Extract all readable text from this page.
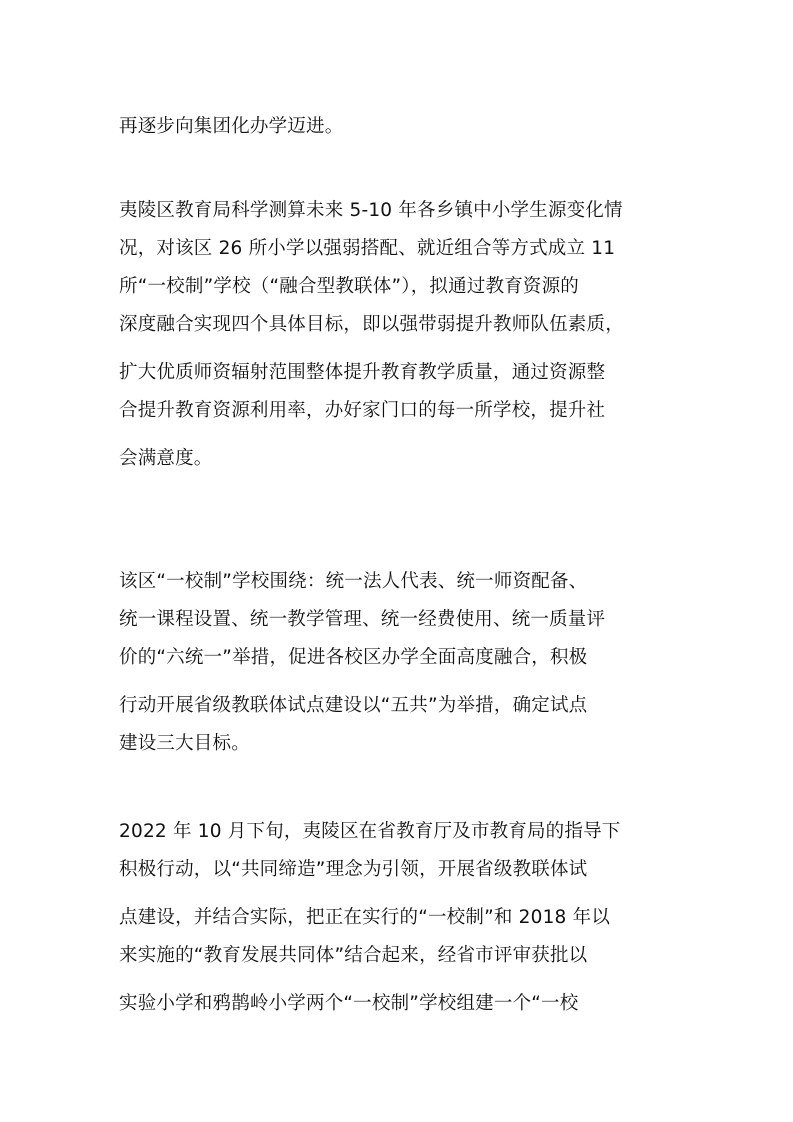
再逐步向集团化办学迈进。
夷陵区教育局科学测算未来 5-10 年各乡镇中小学生源变化情
况，对该区 26 所小学以强弱搭配、就近组合等方式成立 11
所“一校制”学校（“融合型教联体”），拟通过教育资源的
深度融合实现四个具体目标，即以强带弱提升教师队伍素质，
扩大优质师资辐射范围整体提升教育教学质量，通过资源整
合提升教育资源利用率，办好家门口的每一所学校，提升社
会满意度。
该区“一校制”学校围绕：统一法人代表、统一师资配备、
统一课程设置、统一教学管理、统一经费使用、统一质量评
价的“六统一”举措，促进各校区办学全面高度融合，积极
行动开展省级教联体试点建设以“五共”为举措，确定试点
建设三大目标。
2022 年 10 月下旬，夷陵区在省教育厅及市教育局的指导下
积极行动，以“共同缔造”理念为引领，开展省级教联体试
点建设，并结合实际，把正在实行的“一校制”和 2018 年以
来实施的“教育发展共同体”结合起来，经省市评审获批以
实验小学和鸦鹊岭小学两个“一校制”学校组建一个“一校
